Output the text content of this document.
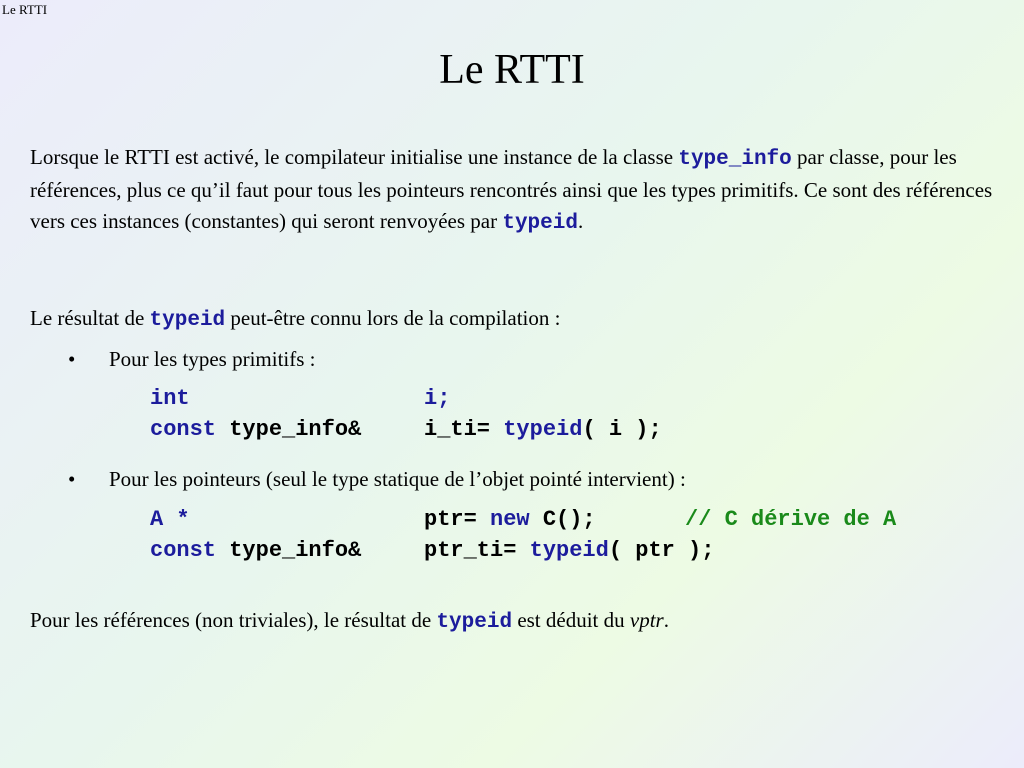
Le RTTI
Le RTTI
Lorsque le RTTI est activé, le compilateur initialise une instance de la classe type_info par classe, pour les références, plus ce qu’il faut pour tous les pointeurs rencontrés ainsi que les types primitifs. Ce sont des références vers ces instances (constantes) qui seront renvoyées par typeid.
Le résultat de typeid peut-être connu lors de la compilation :
• Pour les types primitifs :
int	i;
const type_info&	i_ti= typeid( i );
• Pour les pointeurs (seul le type statique de l’objet pointé intervient) :
A *	ptr= new C();	// C dérive de A
const type_info&	ptr_ti= typeid( ptr );
Pour les références (non triviales), le résultat de typeid est déduit du vptr.
